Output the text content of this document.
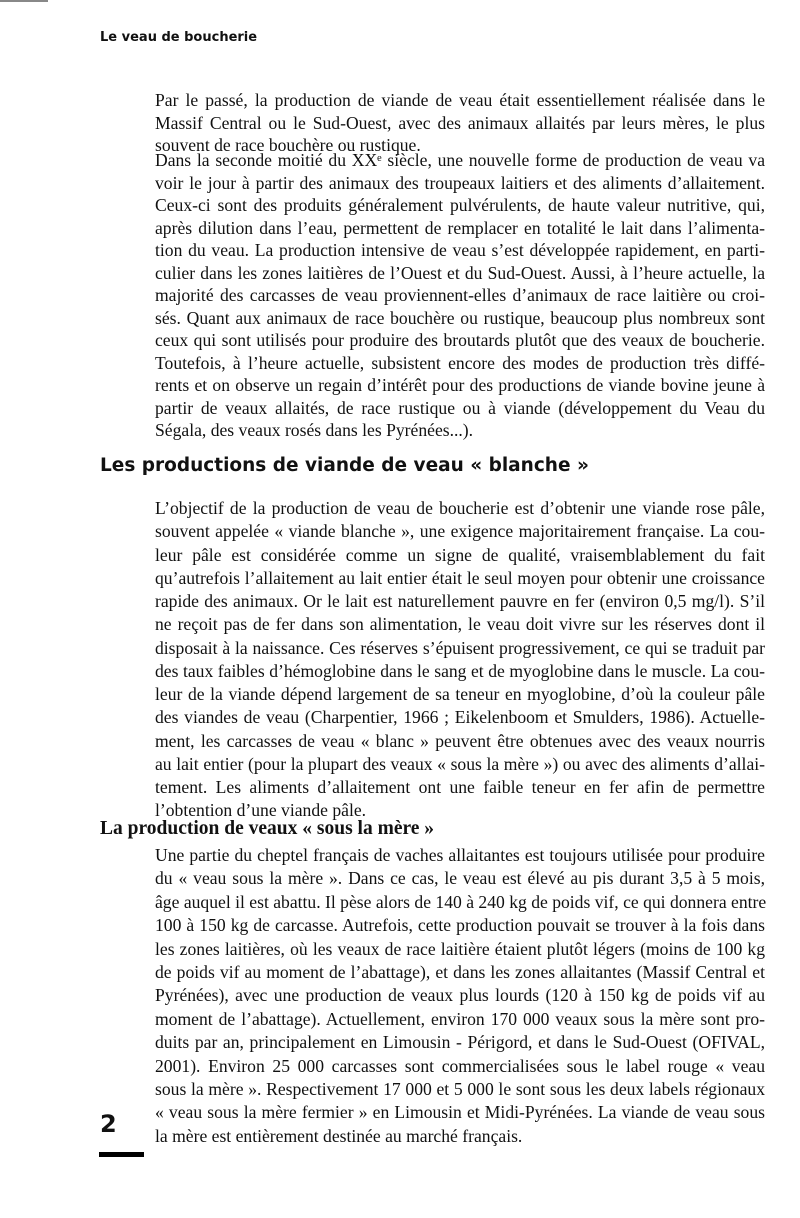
Le veau de boucherie
Par le passé, la production de viande de veau était essentiellement réalisée dans le
Massif Central ou le Sud-Ouest, avec des animaux allaités par leurs mères, le plus
souvent de race bouchère ou rustique.
Dans la seconde moitié du XXᵉ siècle, une nouvelle forme de production de veau va
voir le jour à partir des animaux des troupeaux laitiers et des aliments d’allaitement.
Ceux-ci sont des produits généralement pulvérulents, de haute valeur nutritive, qui,
après dilution dans l’eau, permettent de remplacer en totalité le lait dans l’alimenta-
tion du veau. La production intensive de veau s’est développée rapidement, en parti-
culier dans les zones laitières de l’Ouest et du Sud-Ouest. Aussi, à l’heure actuelle, la
majorité des carcasses de veau proviennent-elles d’animaux de race laitière ou croi-
sés. Quant aux animaux de race bouchère ou rustique, beaucoup plus nombreux sont
ceux qui sont utilisés pour produire des broutards plutôt que des veaux de boucherie.
Toutefois, à l’heure actuelle, subsistent encore des modes de production très diffé-
rents et on observe un regain d’intérêt pour des productions de viande bovine jeune à
partir de veaux allaités, de race rustique ou à viande (développement du Veau du
Ségala, des veaux rosés dans les Pyrénées...).
Les productions de viande de veau « blanche »
L’objectif de la production de veau de boucherie est d’obtenir une viande rose pâle,
souvent appelée « viande blanche », une exigence majoritairement française. La cou-
leur pâle est considérée comme un signe de qualité, vraisemblablement du fait
qu’autrefois l’allaitement au lait entier était le seul moyen pour obtenir une croissance
rapide des animaux. Or le lait est naturellement pauvre en fer (environ 0,5 mg/l). S’il
ne reçoit pas de fer dans son alimentation, le veau doit vivre sur les réserves dont il
disposait à la naissance. Ces réserves s’épuisent progressivement, ce qui se traduit par
des taux faibles d’hémoglobine dans le sang et de myoglobine dans le muscle. La cou-
leur de la viande dépend largement de sa teneur en myoglobine, d’où la couleur pâle
des viandes de veau (Charpentier, 1966 ; Eikelenboom et Smulders, 1986). Actuelle-
ment, les carcasses de veau « blanc » peuvent être obtenues avec des veaux nourris
au lait entier (pour la plupart des veaux « sous la mère ») ou avec des aliments d’allai-
tement. Les aliments d’allaitement ont une faible teneur en fer afin de permettre
l’obtention d’une viande pâle.
La production de veaux « sous la mère »
Une partie du cheptel français de vaches allaitantes est toujours utilisée pour produire
du « veau sous la mère ». Dans ce cas, le veau est élevé au pis durant 3,5 à 5 mois,
âge auquel il est abattu. Il pèse alors de 140 à 240 kg de poids vif, ce qui donnera entre
100 à 150 kg de carcasse. Autrefois, cette production pouvait se trouver à la fois dans
les zones laitières, où les veaux de race laitière étaient plutôt légers (moins de 100 kg
de poids vif au moment de l’abattage), et dans les zones allaitantes (Massif Central et
Pyrénées), avec une production de veaux plus lourds (120 à 150 kg de poids vif au
moment de l’abattage). Actuellement, environ 170 000 veaux sous la mère sont pro-
duits par an, principalement en Limousin - Périgord, et dans le Sud-Ouest (OFIVAL,
2001). Environ 25 000 carcasses sont commercialisées sous le label rouge « veau
sous la mère ». Respectivement 17 000 et 5 000 le sont sous les deux labels régionaux
« veau sous la mère fermier » en Limousin et Midi-Pyrénées. La viande de veau sous
la mère est entièrement destinée au marché français.
2
